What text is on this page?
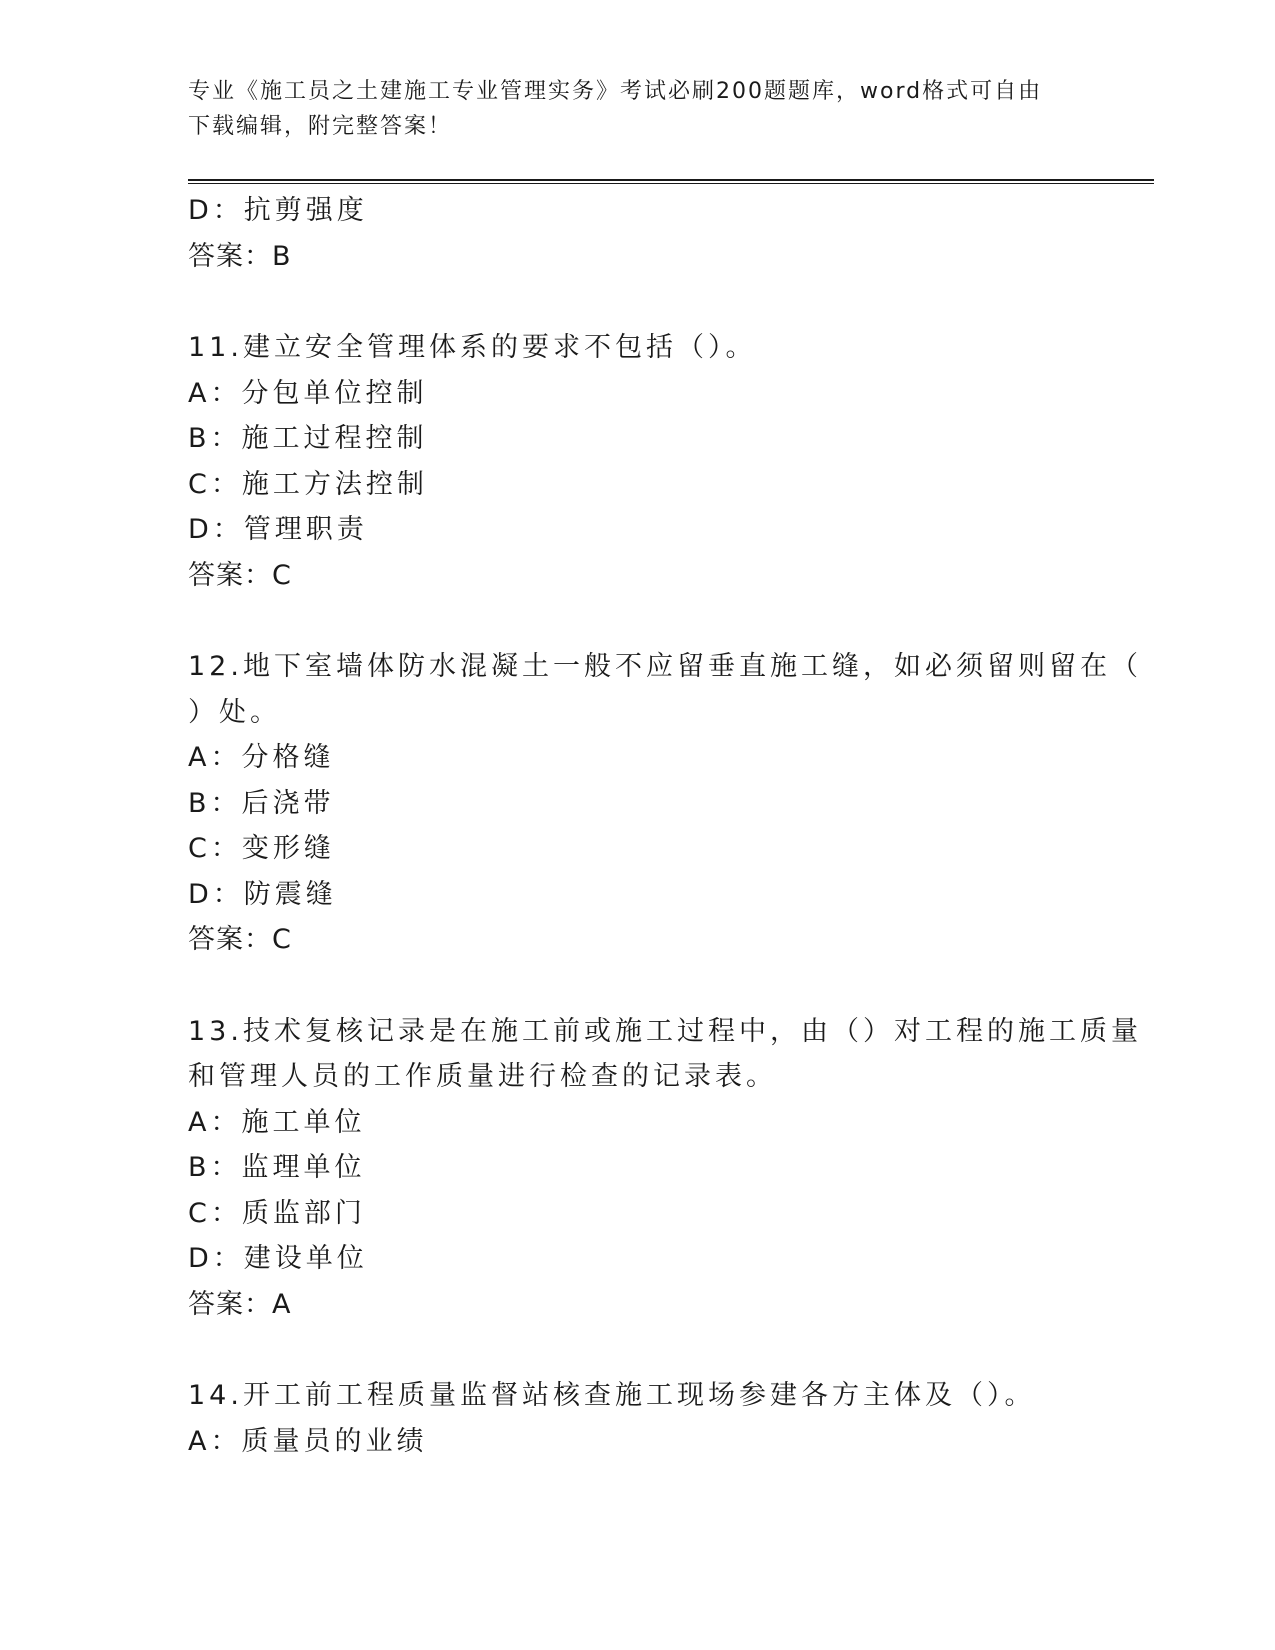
专业《施工员之土建施工专业管理实务》考试必刷200题题库，word格式可自由
下载编辑，附完整答案！
D：抗剪强度
答案：B
11.建立安全管理体系的要求不包括（）。
A：分包单位控制
B：施工过程控制
C：施工方法控制
D：管理职责
答案：C
12.地下室墙体防水混凝土一般不应留垂直施工缝，如必须留则留在（
）处。
A：分格缝
B：后浇带
C：变形缝
D：防震缝
答案：C
13.技术复核记录是在施工前或施工过程中，由（）对工程的施工质量
和管理人员的工作质量进行检查的记录表。
A：施工单位
B：监理单位
C：质监部门
D：建设单位
答案：A
14.开工前工程质量监督站核查施工现场参建各方主体及（）。
A：质量员的业绩
